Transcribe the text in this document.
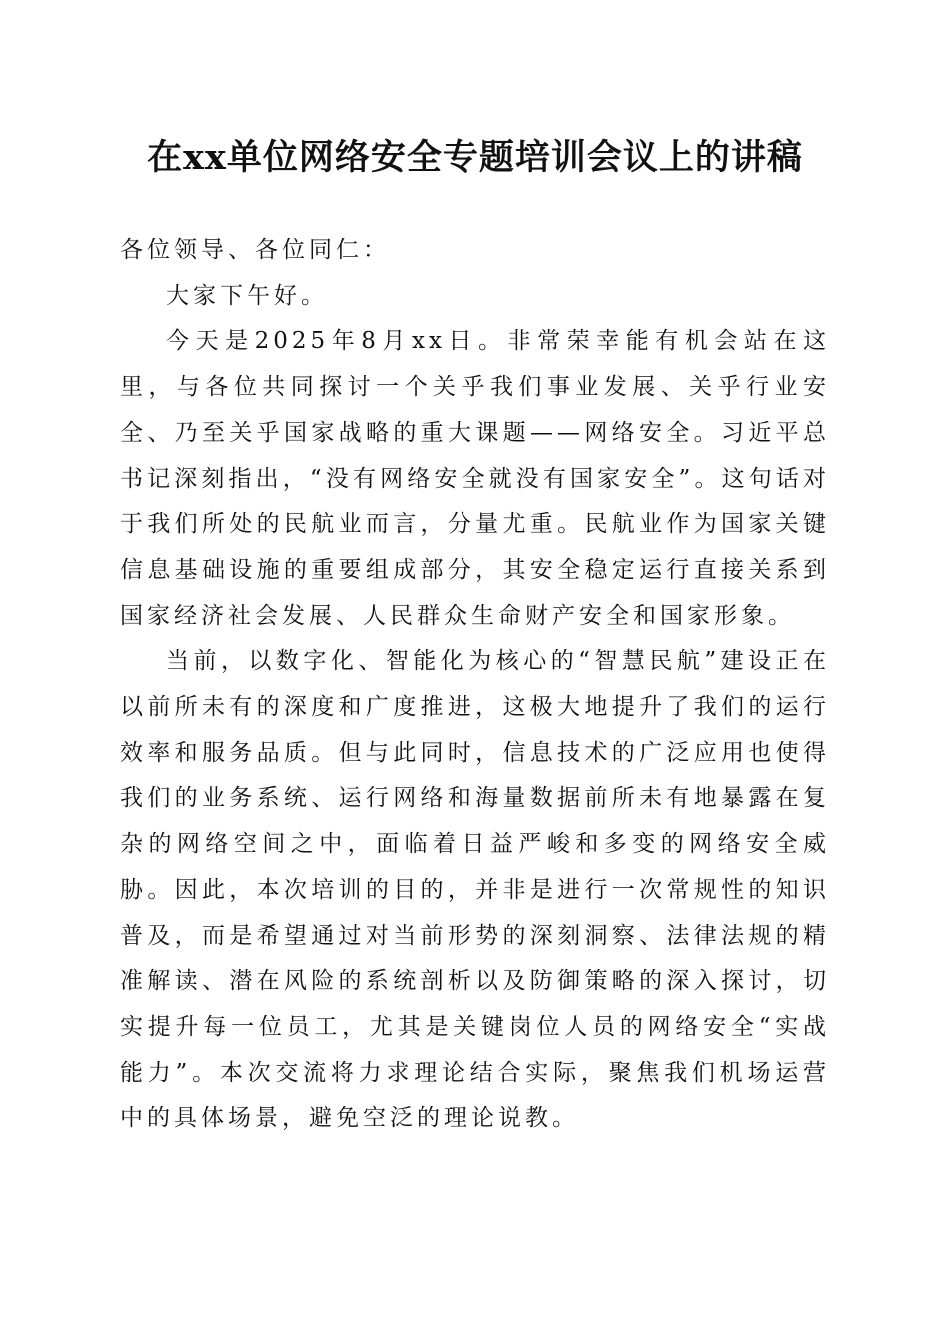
在xx单位网络安全专题培训会议上的讲稿

各位领导、各位同仁：

大家下午好。

今天是2025年8月xx日。非常荣幸能有机会站在这里，与各位共同探讨一个关乎我们事业发展、关乎行业安全、乃至关乎国家战略的重大课题——网络安全。习近平总书记深刻指出，“没有网络安全就没有国家安全”。这句话对于我们所处的民航业而言，分量尤重。民航业作为国家关键信息基础设施的重要组成部分，其安全稳定运行直接关系到国家经济社会发展、人民群众生命财产安全和国家形象。

当前，以数字化、智能化为核心的“智慧民航”建设正在以前所未有的深度和广度推进，这极大地提升了我们的运行效率和服务品质。但与此同时，信息技术的广泛应用也使得我们的业务系统、运行网络和海量数据前所未有地暴露在复杂的网络空间之中，面临着日益严峻和多变的网络安全威胁。因此，本次培训的目的，并非是进行一次常规性的知识普及，而是希望通过对当前形势的深刻洞察、法律法规的精准解读、潜在风险的系统剖析以及防御策略的深入探讨，切实提升每一位员工，尤其是关键岗位人员的网络安全“实战能力”。本次交流将力求理论结合实际，聚焦我们机场运营中的具体场景，避免空泛的理论说教。
